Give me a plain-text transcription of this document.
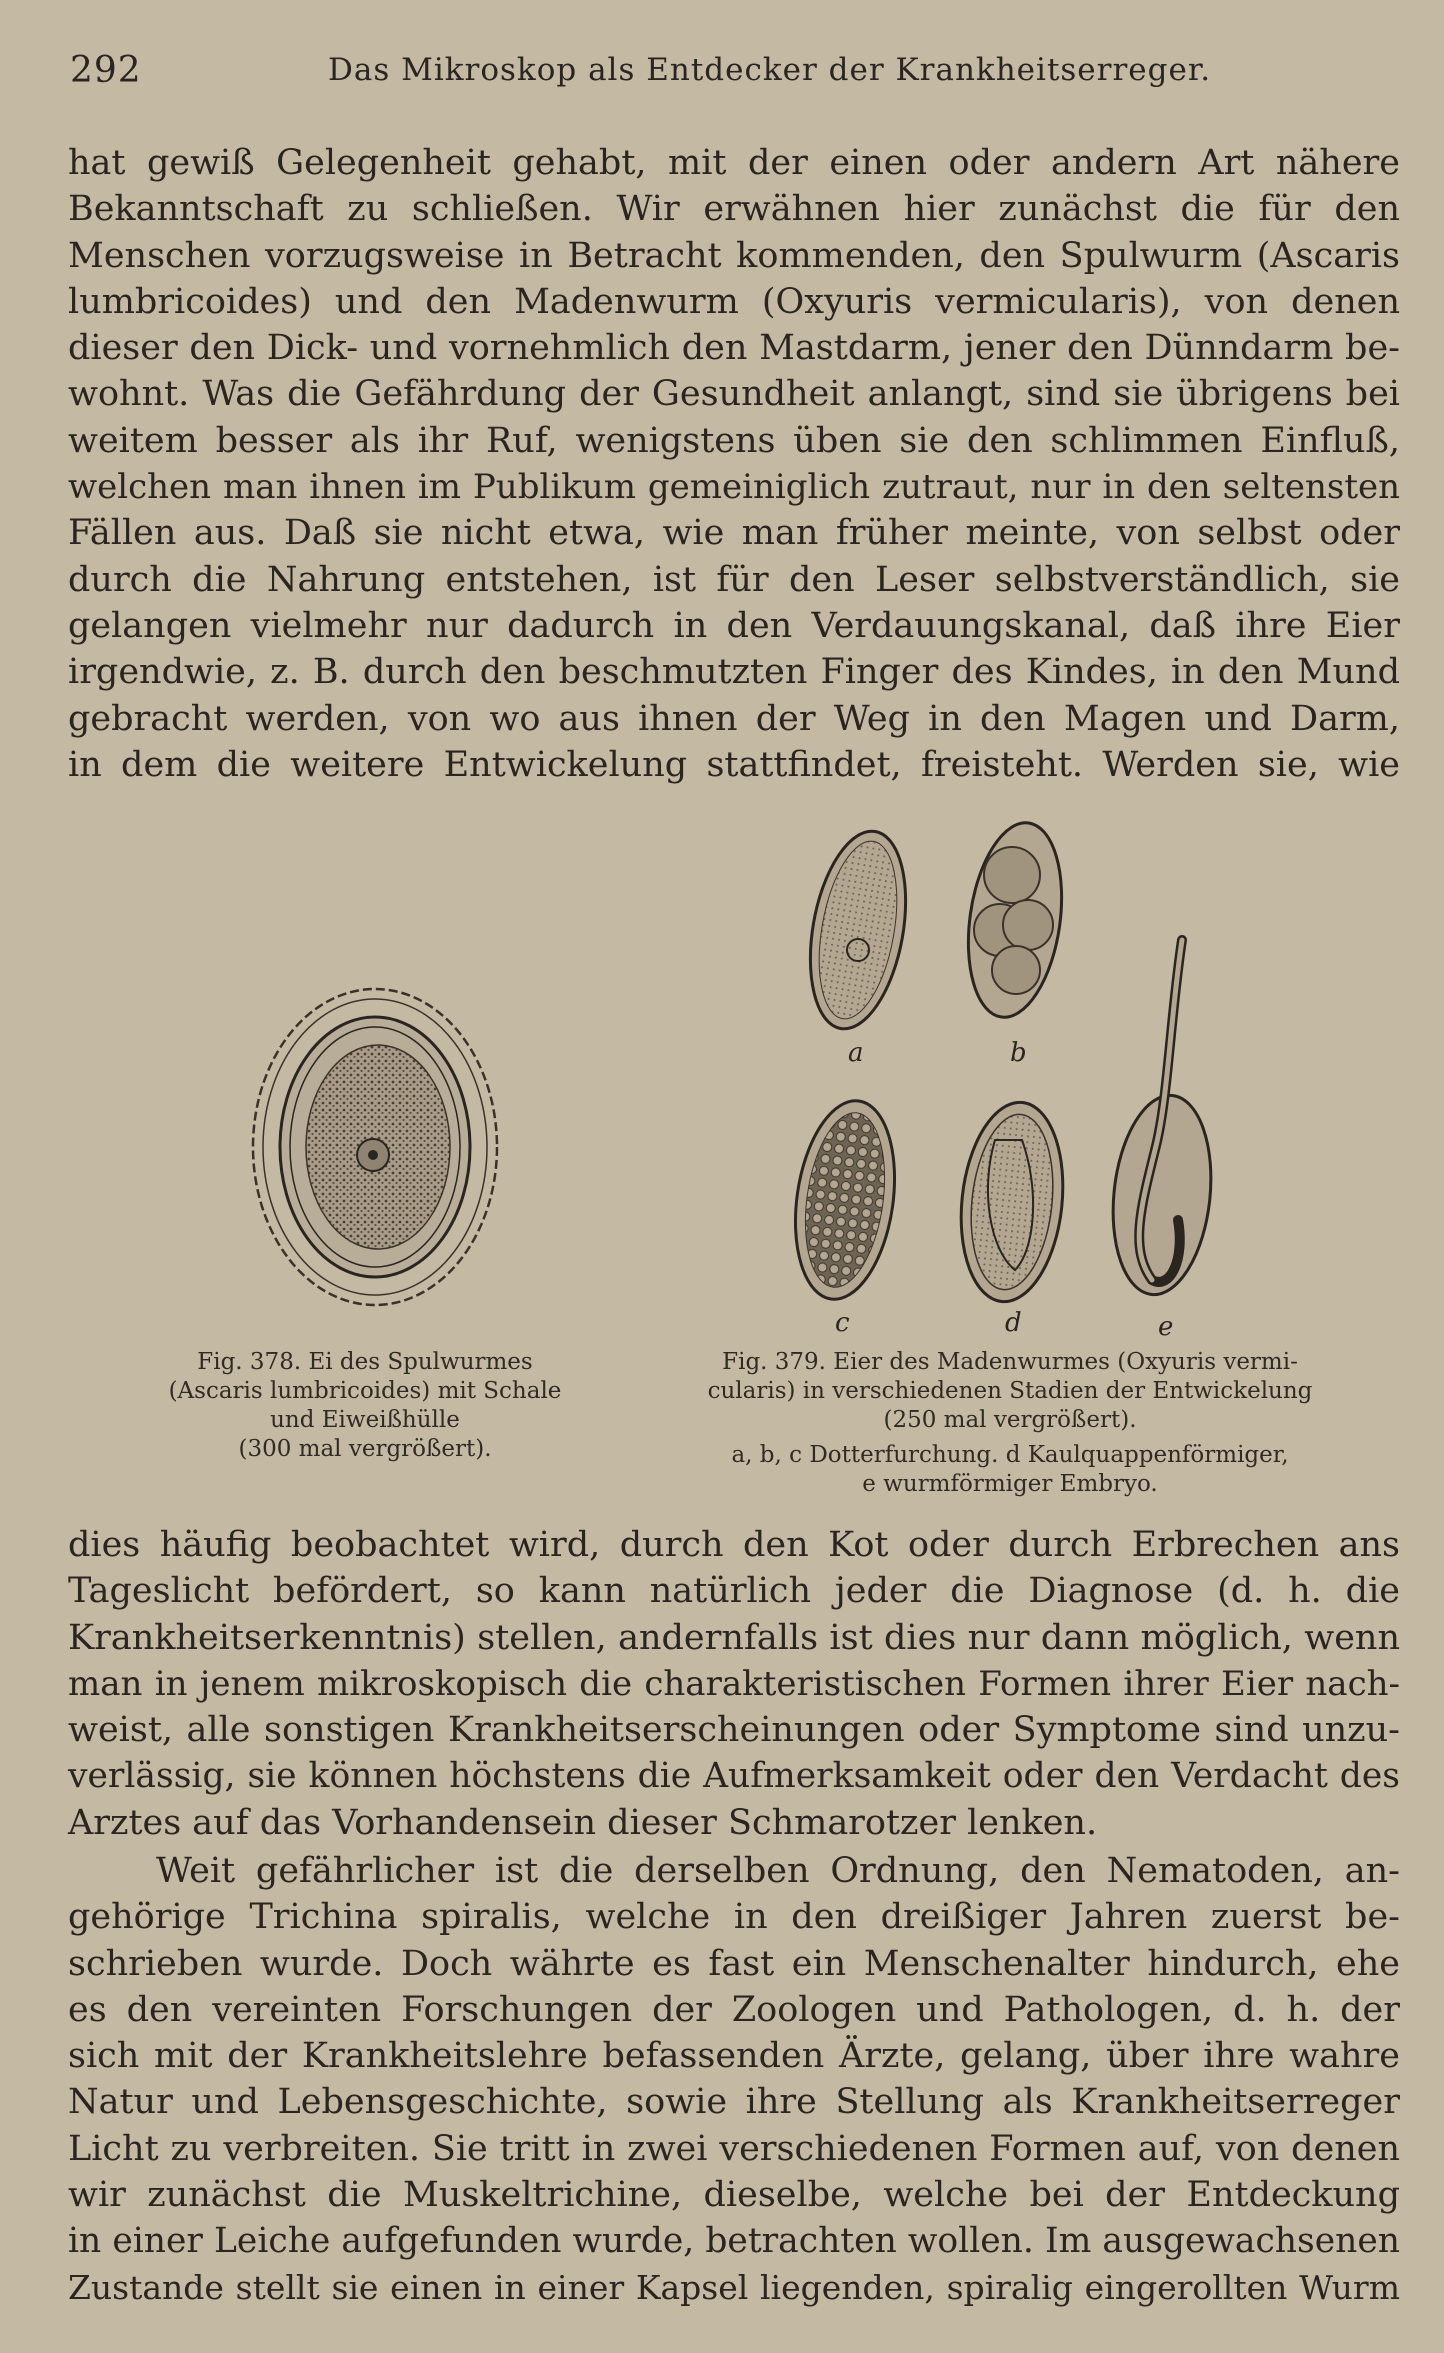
292	Das Mikroskop als Entdecker der Krankheitserreger.
hat gewiß Gelegenheit gehabt, mit der einen oder andern Art nähere
Bekanntschaft zu schließen. Wir erwähnen hier zunächst die für den
Menschen vorzugsweise in Betracht kommenden, den Spulwurm (Ascaris
lumbricoides) und den Madenwurm (Oxyuris vermicularis), von denen
dieser den Dick- und vornehmlich den Mastdarm, jener den Dünndarm be-
wohnt. Was die Gefährdung der Gesundheit anlangt, sind sie übrigens bei
weitem besser als ihr Ruf, wenigstens üben sie den schlimmen Einfluß,
welchen man ihnen im Publikum gemeiniglich zutraut, nur in den seltensten
Fällen aus. Daß sie nicht etwa, wie man früher meinte, von selbst oder
durch die Nahrung entstehen, ist für den Leser selbstverständlich, sie
gelangen vielmehr nur dadurch in den Verdauungskanal, daß ihre Eier
irgendwie, z. B. durch den beschmutzten Finger des Kindes, in den Mund
gebracht werden, von wo aus ihnen der Weg in den Magen und Darm,
in dem die weitere Entwickelung stattfindet, freisteht. Werden sie, wie
Fig. 378. Ei des Spulwurmes
(Ascaris lumbricoides) mit Schale
und Eiweißhülle
(300 mal vergrößert).
a	b
c	d	e
Fig. 379. Eier des Madenwurmes (Oxyuris vermi-
cularis) in verschiedenen Stadien der Entwickelung
(250 mal vergrößert).
a, b, c Dotterfurchung. d Kaulquappenförmiger,
e wurmförmiger Embryo.
dies häufig beobachtet wird, durch den Kot oder durch Erbrechen ans
Tageslicht befördert, so kann natürlich jeder die Diagnose (d. h. die
Krankheitserkenntnis) stellen, andernfalls ist dies nur dann möglich, wenn
man in jenem mikroskopisch die charakteristischen Formen ihrer Eier nach-
weist, alle sonstigen Krankheitserscheinungen oder Symptome sind unzu-
verlässig, sie können höchstens die Aufmerksamkeit oder den Verdacht des
Arztes auf das Vorhandensein dieser Schmarotzer lenken.
Weit gefährlicher ist die derselben Ordnung, den Nematoden, an-
gehörige Trichina spiralis, welche in den dreißiger Jahren zuerst be-
schrieben wurde. Doch währte es fast ein Menschenalter hindurch, ehe
es den vereinten Forschungen der Zoologen und Pathologen, d. h. der
sich mit der Krankheitslehre befassenden Ärzte, gelang, über ihre wahre
Natur und Lebensgeschichte, sowie ihre Stellung als Krankheitserreger
Licht zu verbreiten. Sie tritt in zwei verschiedenen Formen auf, von denen
wir zunächst die Muskeltrichine, dieselbe, welche bei der Entdeckung
in einer Leiche aufgefunden wurde, betrachten wollen. Im ausgewachsenen
Zustande stellt sie einen in einer Kapsel liegenden, spiralig eingerollten Wurm
